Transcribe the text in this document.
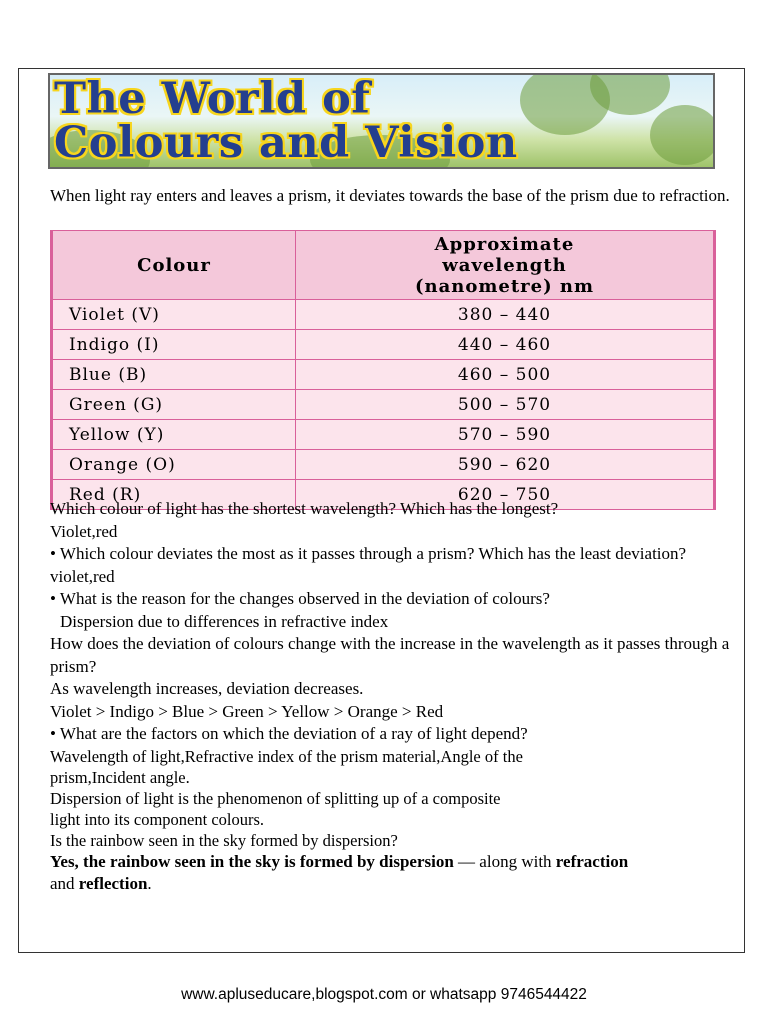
The World of
Colours and Vision
When light ray enters and leaves a prism, it deviates towards the base of the prism due to refraction.
Colour	Approximate
wavelength
(nanometre) nm

Violet (V)	380 – 440
Indigo (I)	440 – 460
Blue (B)	460 – 500
Green (G)	500 – 570
Yellow (Y)	570 – 590
Orange (O)	590 – 620
Red (R)	620 – 750

Which colour of light has the shortest wavelength? Which has the longest?

Violet,red

• Which colour deviates the most as it passes through a prism? Which has the least deviation?violet,red

• What is the reason for the changes observed in the deviation of colours?

Dispersion due to differences in refractive index

How does the deviation of colours change with the increase in the wavelength as it passes through a prism?

As wavelength increases, deviation decreases.

Violet > Indigo > Blue > Green > Yellow > Orange > Red

• What are the factors on which the deviation of a ray of light depend?

Wavelength of light,Refractive index of the prism material,Angle of the

prism,Incident angle.

Dispersion of light is the phenomenon of splitting up of a composite

light into its component colours.

Is the rainbow seen in the sky formed by dispersion?

Yes, the rainbow seen in the sky is formed by dispersion — along with refraction

and reflection.

www.apluseducare,blogspot.com or whatsapp 9746544422
